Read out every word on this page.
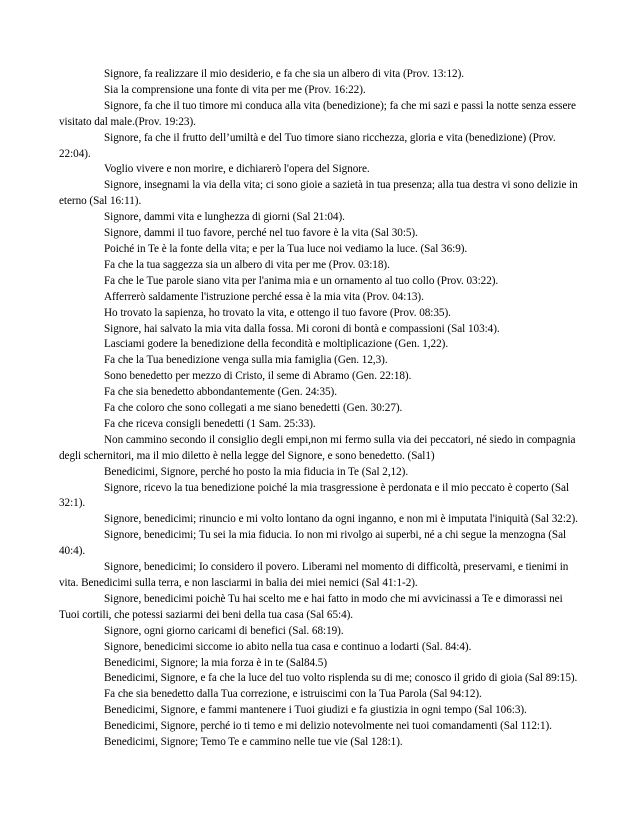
Signore, fa realizzare il mio desiderio, e fa che sia un albero di vita (Prov. 13:12).

Sia la comprensione una fonte di vita per me (Prov. 16:22).

Signore, fa che il tuo timore mi conduca alla vita (benedizione); fa che mi sazi e passi la notte senza essere visitato dal male.(Prov. 19:23).

Signore, fa che il frutto dell’umiltà e del Tuo timore siano ricchezza, gloria e vita (benedizione) (Prov. 22:04).

Voglio vivere e non morire, e dichiarerò l'opera del Signore.

Signore, insegnami la via della vita; ci sono gioie a sazietà in tua presenza; alla tua destra vi sono delizie in eterno (Sal 16:11).

Signore, dammi vita e lunghezza di giorni (Sal 21:04).

Signore, dammi il tuo favore, perché nel tuo favore è la vita (Sal 30:5).

Poiché in Te è la fonte della vita; e per la Tua luce noi vediamo la luce. (Sal 36:9).

Fa che la tua saggezza sia un albero di vita per me (Prov. 03:18).

Fa che le Tue parole siano vita per l'anima mia e un ornamento al tuo collo (Prov. 03:22).

Afferrerò saldamente l'istruzione perché essa è la mia vita (Prov. 04:13).

Ho trovato la sapienza, ho trovato la vita, e ottengo il tuo favore (Prov. 08:35).

Signore, hai salvato la mia vita dalla fossa. Mi coroni di bontà e compassioni (Sal 103:4).

Lasciami godere la benedizione della fecondità e moltiplicazione (Gen. 1,22).

Fa che la Tua benedizione venga sulla mia famiglia (Gen. 12,3).

Sono benedetto per mezzo di Cristo, il seme di Abramo (Gen. 22:18).

Fa che sia benedetto abbondantemente (Gen. 24:35).

Fa che coloro che sono collegati a me siano benedetti (Gen. 30:27).

Fa che riceva consigli benedetti (1 Sam. 25:33).

Non cammino secondo il consiglio degli empi,non mi fermo sulla via dei peccatori, né siedo in compagnia degli schernitori, ma il mio diletto è nella legge del Signore, e sono benedetto. (Sal1)

Benedicimi, Signore, perché ho posto la mia fiducia in Te (Sal 2,12).

Signore, ricevo la tua benedizione poiché la mia trasgressione è perdonata e il mio peccato è coperto (Sal 32:1).

Signore, benedicimi; rinuncio e mi volto lontano da ogni inganno, e non mi è imputata l'iniquità (Sal 32:2).

Signore, benedicimi; Tu sei la mia fiducia. Io non mi rivolgo ai superbi, né a chi segue la menzogna (Sal 40:4).

Signore, benedicimi; Io considero il povero. Liberami nel momento di difficoltà, preservami, e tienimi in vita. Benedicimi sulla terra, e non lasciarmi in balia dei miei nemici (Sal 41:1-2).

Signore, benedicimi poichè Tu hai scelto me e hai fatto in modo che mi avvicinassi a Te e dimorassi nei Tuoi cortili, che potessi saziarmi dei beni della tua casa (Sal 65:4).

Signore, ogni giorno caricami di benefici (Sal. 68:19).

Signore, benedicimi siccome io abito nella tua casa e continuo a lodarti (Sal. 84:4).

Benedicimi, Signore; la mia forza è in te (Sal84.5)

Benedicimi, Signore, e fa che la luce del tuo volto risplenda su di me; conosco il grido di gioia (Sal 89:15).

Fa che sia benedetto dalla Tua correzione, e istruiscimi con la Tua Parola (Sal 94:12).

Benedicimi, Signore, e fammi mantenere i Tuoi giudizi e fa giustizia in ogni tempo (Sal 106:3).

Benedicimi, Signore, perché io ti temo e mi delizio notevolmente nei tuoi comandamenti (Sal 112:1).

Benedicimi, Signore; Temo Te e cammino nelle tue vie (Sal 128:1).
